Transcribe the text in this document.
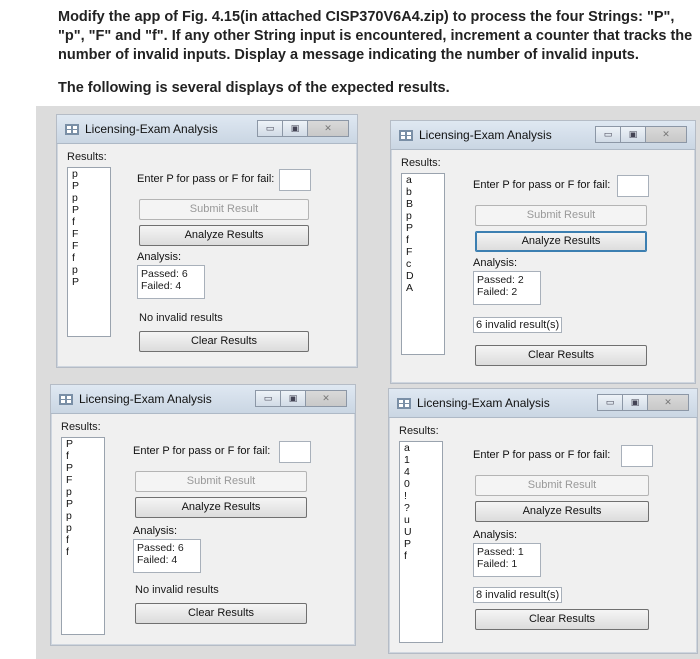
Modify the app of Fig. 4.15(in attached CISP370V6A4.zip) to process the four Strings: "P", "p", "F" and "f". If any other String input is encountered, increment a counter that tracks the number of invalid inputs. Display a message indicating the number of invalid inputs.
The following is several displays of the expected results.
Licensing-Exam Analysis	▭	▣	✕
Results:
p
P
p
P
f
F
F
f
p
P
Enter P for pass or F for fail:
Submit Result
Analyze Results
Analysis:
Passed: 6
Failed: 4
No invalid results
Clear Results
Licensing-Exam Analysis	▭	▣	✕
Results:
a
b
B
p
P
f
F
c
D
A
Enter P for pass or F for fail:
Submit Result
Analyze Results
Analysis:
Passed: 2
Failed: 2
6 invalid result(s)
Clear Results
Licensing-Exam Analysis	▭	▣	✕
Results:
P
f
P
F
p
P
p
p
f
f
Enter P for pass or F for fail:
Submit Result
Analyze Results
Analysis:
Passed: 6
Failed: 4
No invalid results
Clear Results
Licensing-Exam Analysis	▭	▣	✕
Results:
a
1
4
0
!
?
u
U
P
f
Enter P for pass or F for fail:
Submit Result
Analyze Results
Analysis:
Passed: 1
Failed: 1
8 invalid result(s)
Clear Results
